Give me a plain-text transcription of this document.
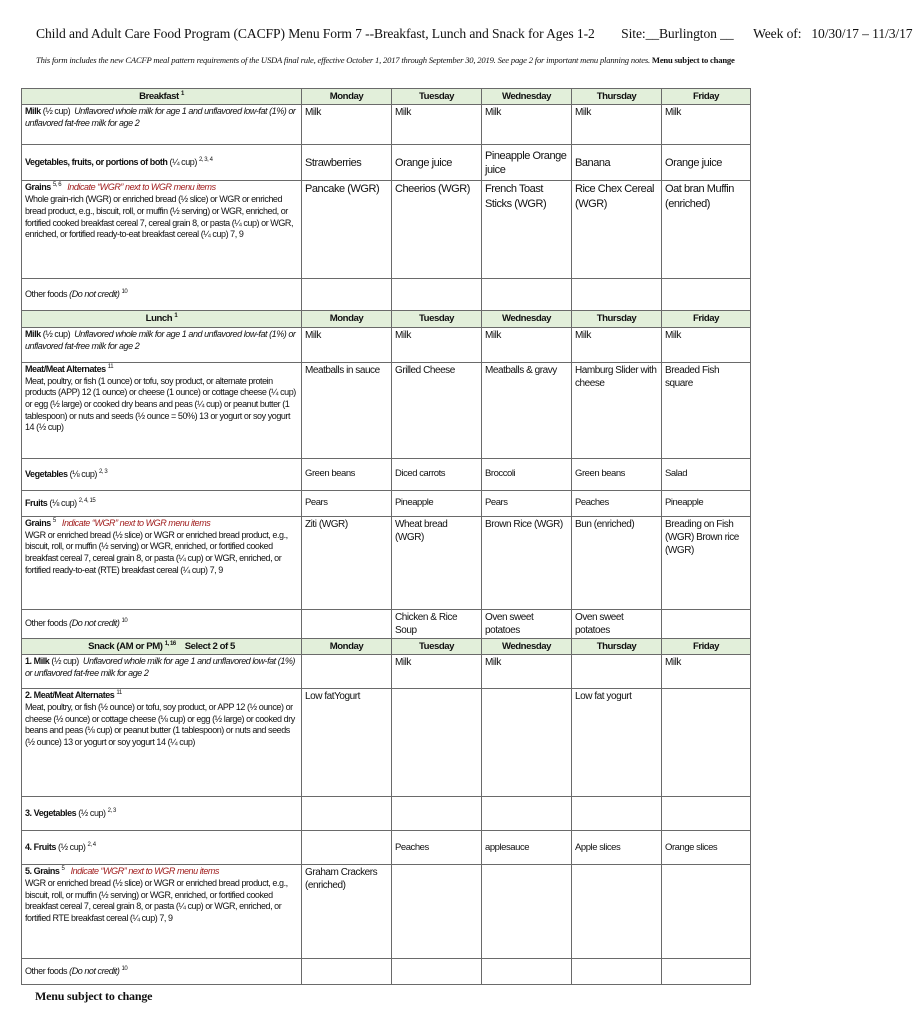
Child and Adult Care Food Program (CACFP) Menu Form 7 --Breakfast, Lunch and Snack for Ages 1-2 Site:__Burlington __ Week of: 10/30/17 – 11/3/17
This form includes the new CACFP meal pattern requirements of the USDA final rule, effective October 1, 2017 through September 30, 2019. See page 2 for important menu planning notes. Menu subject to change
Breakfast $^1$	Monday	Tuesday	Wednesday	Thursday	Friday
Milk (½ cup) Unflavored whole milk for age 1 and unflavored low-fat (1%) or unflavored fat-free milk for age 2	Milk	Milk	Milk	Milk	Milk
Vegetables, fruits, or portions of both (¼ cup) $^{2, 3, 4}$	Strawberries	Orange juice	Pineapple Orange juice	Banana	Orange juice
Grains $^{5, 6}$ Indicate “WGR” next to WGR menu items
Whole grain-rich (WGR) or enriched bread (½ slice) or WGR or enriched bread product, e.g., biscuit, roll, or muffin (½ serving) or WGR, enriched, or fortified cooked breakfast cereal 7, cereal grain 8, or pasta (¼ cup) or WGR, enriched, or fortified ready-to-eat breakfast cereal (¼ cup) 7, 9	Pancake (WGR)	Cheerios (WGR)	French Toast Sticks (WGR)	Rice Chex Cereal (WGR)	Oat bran Muffin (enriched)
Other foods (Do not credit) $^{10}$					
Lunch $^1$	Monday	Tuesday	Wednesday	Thursday	Friday
Milk (½ cup) Unflavored whole milk for age 1 and unflavored low-fat (1%) or unflavored fat-free milk for age 2	Milk	Milk	Milk	Milk	Milk
Meat/Meat Alternates $^{11}$
Meat, poultry, or fish (1 ounce) or tofu, soy product, or alternate protein products (APP) 12 (1 ounce) or cheese (1 ounce) or cottage cheese (¼ cup) or egg (½ large) or cooked dry beans and peas (¼ cup) or peanut butter (1 tablespoon) or nuts and seeds (½ ounce = 50%) 13 or yogurt or soy yogurt 14 (½ cup)	Meatballs in sauce	Grilled Cheese	Meatballs & gravy	Hamburg Slider with cheese	Breaded Fish square
Vegetables (⅛ cup) $^{2, 3}$	Green beans	Diced carrots	Broccoli	Green beans	Salad
Fruits (⅛ cup) $^{2, 4, 15}$	Pears	Pineapple	Pears	Peaches	Pineapple
Grains $^5$ Indicate “WGR” next to WGR menu items
WGR or enriched bread (½ slice) or WGR or enriched bread product, e.g., biscuit, roll, or muffin (½ serving) or WGR, enriched, or fortified cooked breakfast cereal 7, cereal grain 8, or pasta (¼ cup) or WGR, enriched, or fortified ready-to-eat (RTE) breakfast cereal (¼ cup) 7, 9	Ziti (WGR)	Wheat bread (WGR)	Brown Rice (WGR)	Bun (enriched)	Breading on Fish (WGR) Brown rice (WGR)
Other foods (Do not credit) $^{10}$		Chicken & Rice Soup	Oven sweet potatoes	Oven sweet potatoes	
Snack (AM or PM) $^{1, 16}$ Select 2 of 5	Monday	Tuesday	Wednesday	Thursday	Friday
1. Milk (½ cup) Unflavored whole milk for age 1 and unflavored low-fat (1%) or unflavored fat-free milk for age 2		Milk	Milk		Milk
2. Meat/Meat Alternates $^{11}$
Meat, poultry, or fish (½ ounce) or tofu, soy product, or APP 12 (½ ounce) or cheese (½ ounce) or cottage cheese (⅛ cup) or egg (½ large) or cooked dry beans and peas (⅛ cup) or peanut butter (1 tablespoon) or nuts and seeds (½ ounce) 13 or yogurt or soy yogurt 14 (¼ cup)	Low fatYogurt			Low fat yogurt	
3. Vegetables (½ cup) $^{2, 3}$					
4. Fruits (½ cup) $^{2, 4}$		Peaches	applesauce	Apple slices	Orange slices
5. Grains $^5$ Indicate “WGR” next to WGR menu items
WGR or enriched bread (½ slice) or WGR or enriched bread product, e.g., biscuit, roll, or muffin (½ serving) or WGR, enriched, or fortified cooked breakfast cereal 7, cereal grain 8, or pasta (¼ cup) or WGR, enriched, or fortified RTE breakfast cereal (¼ cup) 7, 9	Graham Crackers (enriched)				
Other foods (Do not credit) $^{10}$					
Menu subject to change
